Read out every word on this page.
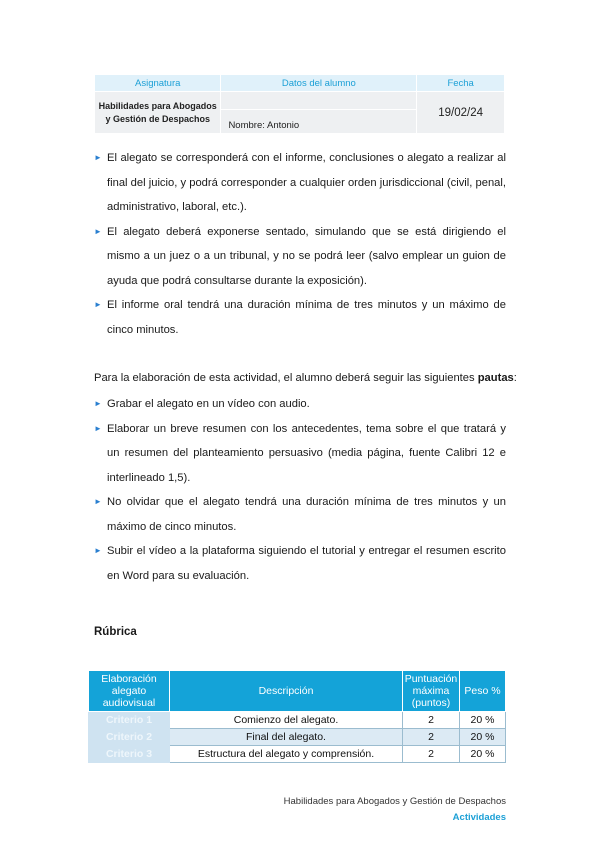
Asignatura	Datos del alumno	Fecha
Habilidades para Abogados y Gestión de Despachos		19/02/24
	Nombre: Antonio	
► El alegato se corresponderá con el informe, conclusiones o alegato a realizar al final del juicio, y podrá corresponder a cualquier orden jurisdiccional (civil, penal, administrativo, laboral, etc.).
► El alegato deberá exponerse sentado, simulando que se está dirigiendo el mismo a un juez o a un tribunal, y no se podrá leer (salvo emplear un guion de ayuda que podrá consultarse durante la exposición).
► El informe oral tendrá una duración mínima de tres minutos y un máximo de cinco minutos.
Para la elaboración de esta actividad, el alumno deberá seguir las siguientes pautas:
► Grabar el alegato en un vídeo con audio.
► Elaborar un breve resumen con los antecedentes, tema sobre el que tratará y un resumen del planteamiento persuasivo (media página, fuente Calibri 12 e interlineado 1,5).
► No olvidar que el alegato tendrá una duración mínima de tres minutos y un máximo de cinco minutos.
► Subir el vídeo a la plataforma siguiendo el tutorial y entregar el resumen escrito en Word para su evaluación.
Rúbrica
Elaboración alegato audiovisual	Descripción	Puntuación máxima (puntos)	Peso %
Criterio 1	Comienzo del alegato.	2	20 %
Criterio 2	Final del alegato.	2	20 %
Criterio 3	Estructura del alegato y comprensión.	2	20 %
Habilidades para Abogados y Gestión de Despachos
Actividades
